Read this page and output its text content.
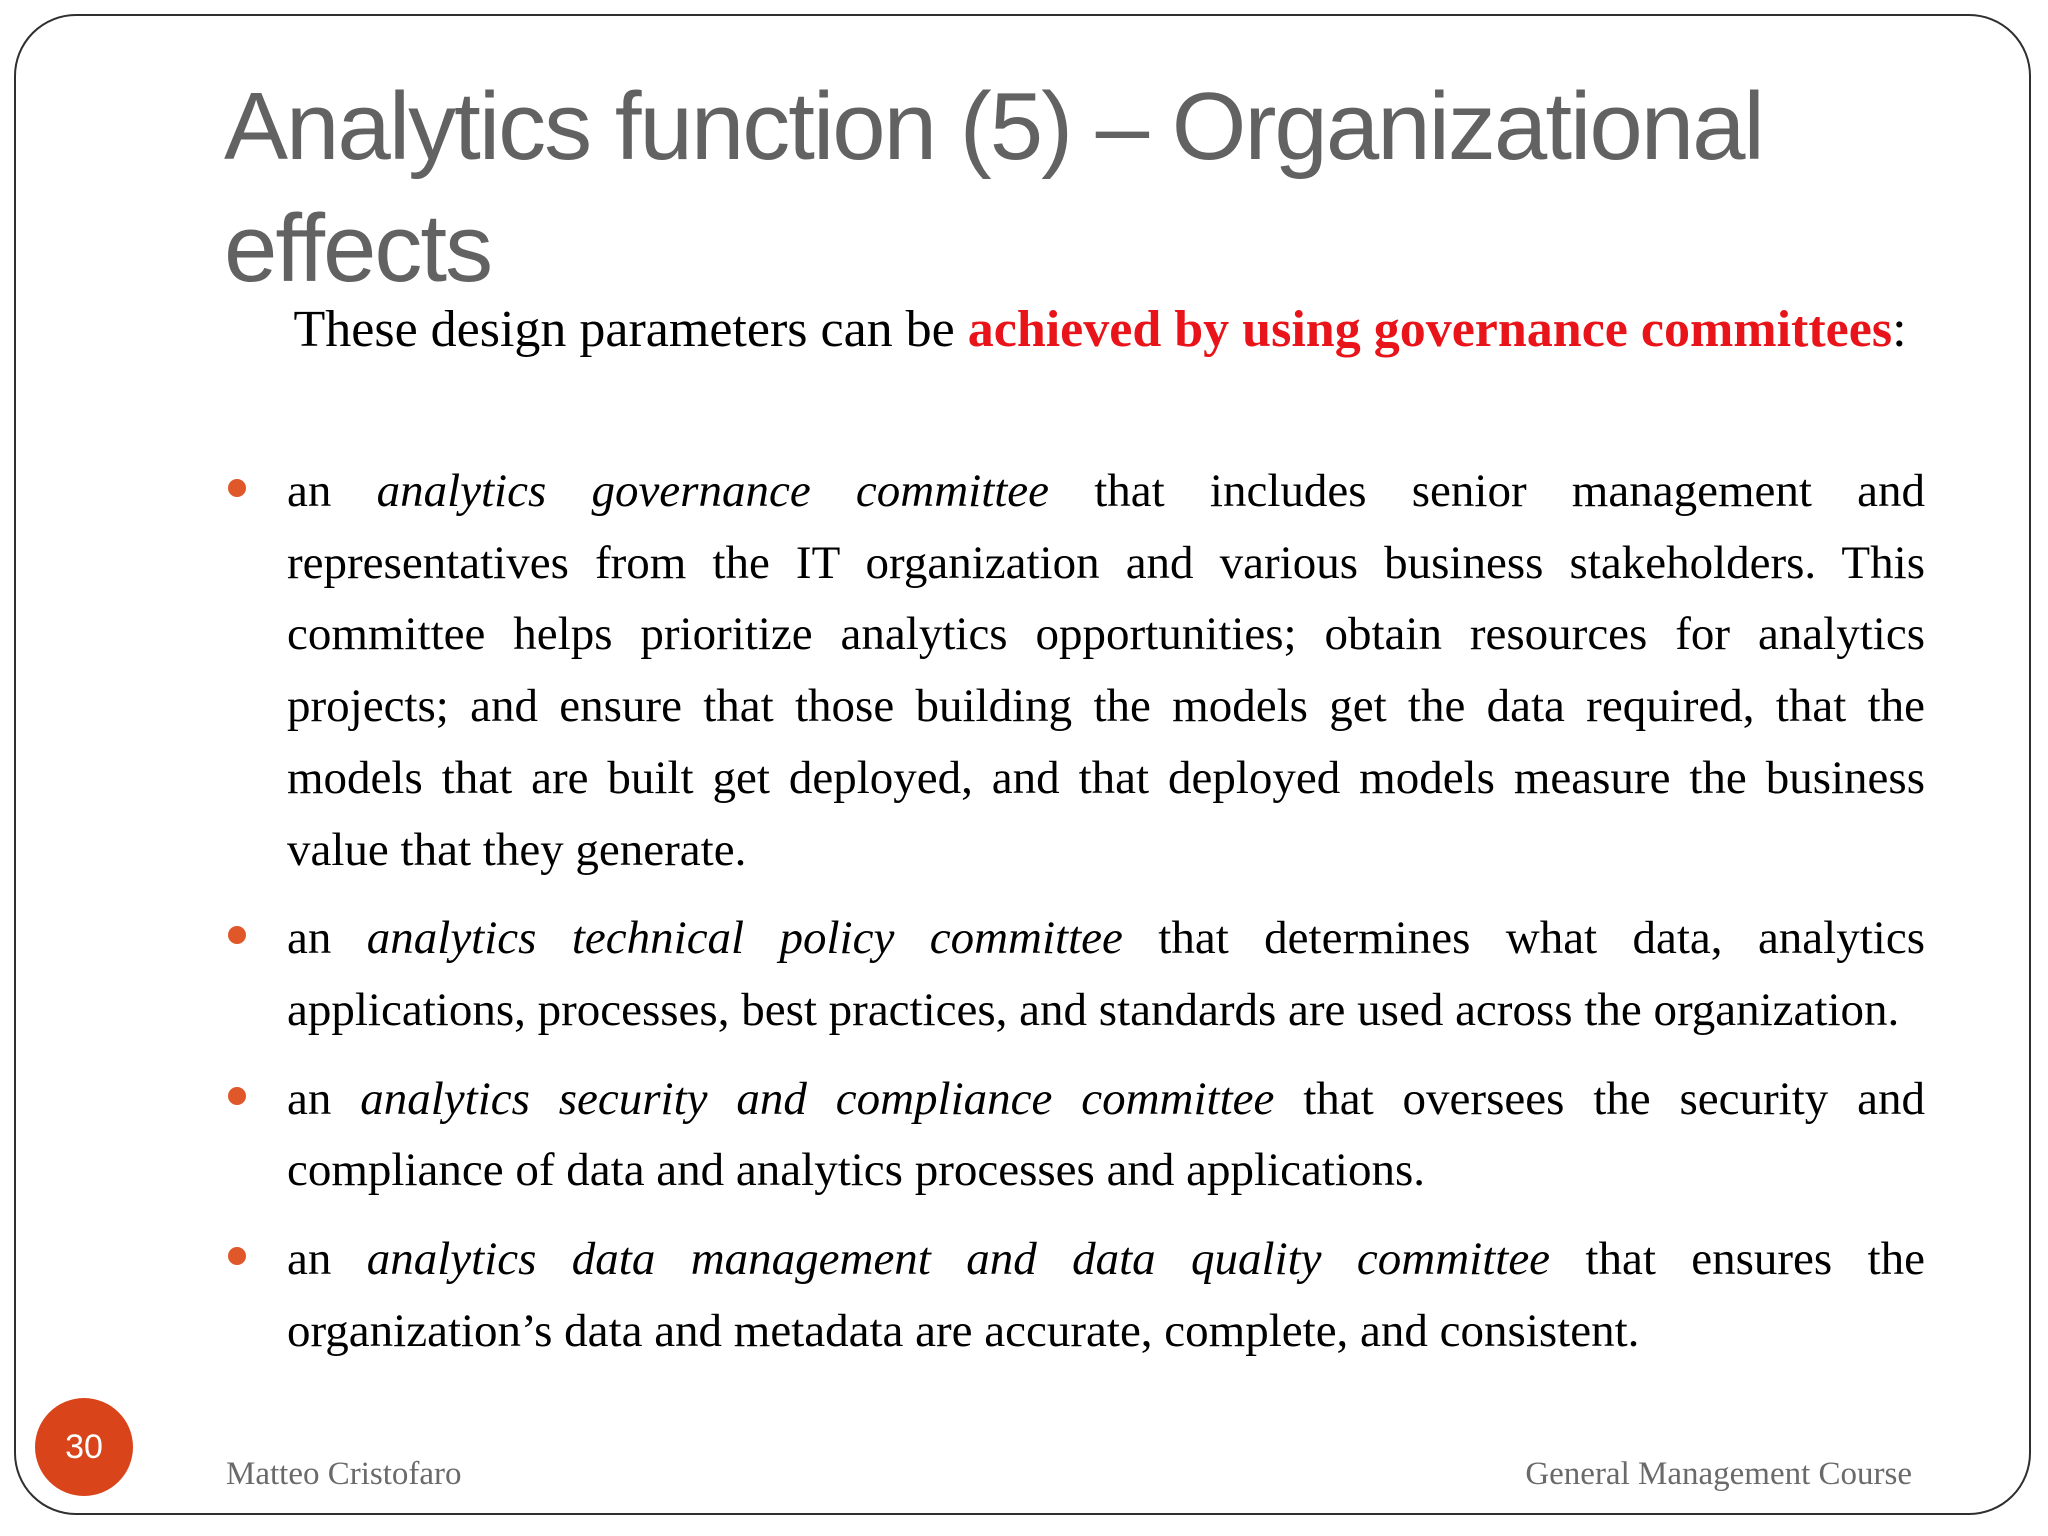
Analytics function (5) – Organizational effects
These design parameters can be achieved by using governance committees:
an analytics governance committee that includes senior management and representatives from the IT organization and various business stakeholders. This committee helps prioritize analytics opportunities; obtain resources for analytics projects; and ensure that those building the models get the data required, that the models that are built get deployed, and that deployed models measure the business value that they generate.
an analytics technical policy committee that determines what data, analytics applications, processes, best practices, and standards are used across the organization.
an analytics security and compliance committee that oversees the security and compliance of data and analytics processes and applications.
an analytics data management and data quality committee that ensures the organization’s data and metadata are accurate, complete, and consistent.
30
Matteo Cristofaro	General Management Course
